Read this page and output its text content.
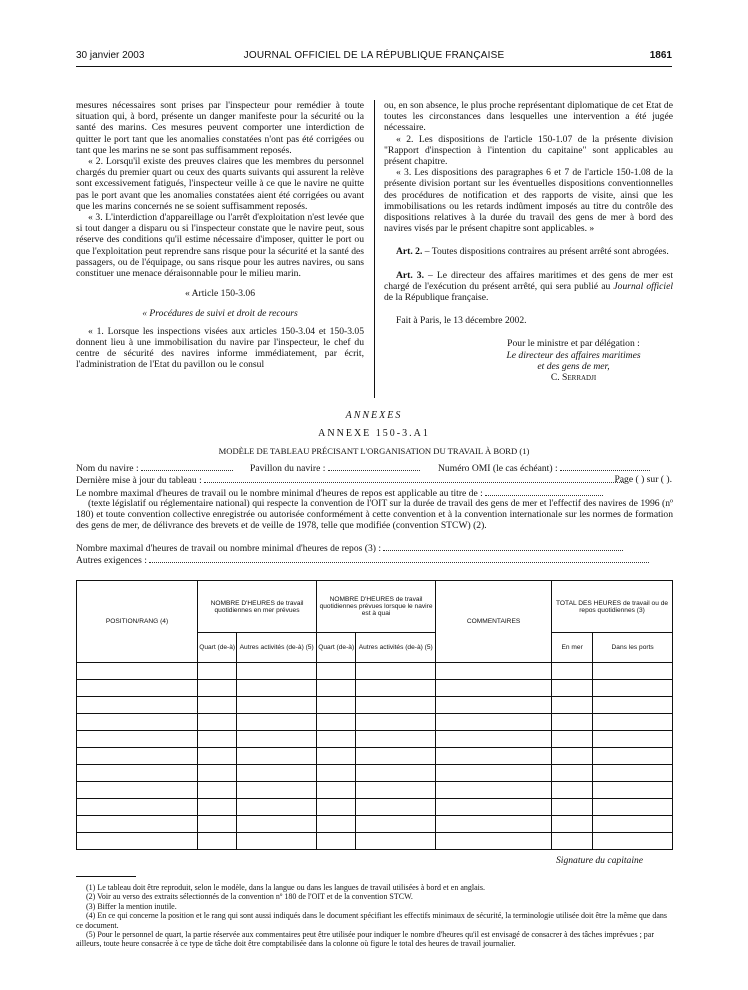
30 janvier 2003	JOURNAL OFFICIEL DE LA RÉPUBLIQUE FRANÇAISE	1861

mesures nécessaires sont prises par l'inspecteur pour remédier à toute situation qui, à bord, présente un danger manifeste pour la sécurité ou la santé des marins. Ces mesures peuvent comporter une interdiction de quitter le port tant que les anomalies constatées n'ont pas été corrigées ou tant que les marins ne se sont pas suffisamment reposés.

« 2. Lorsqu'il existe des preuves claires que les membres du personnel chargés du premier quart ou ceux des quarts suivants qui assurent la relève sont excessivement fatigués, l'inspecteur veille à ce que le navire ne quitte pas le port avant que les anomalies constatées aient été corrigées ou avant que les marins concernés ne se soient suffisamment reposés.

« 3. L'interdiction d'appareillage ou l'arrêt d'exploitation n'est levée que si tout danger a disparu ou si l'inspecteur constate que le navire peut, sous réserve des conditions qu'il estime nécessaire d'imposer, quitter le port ou que l'exploitation peut reprendre sans risque pour la sécurité et la santé des passagers, ou de l'équipage, ou sans risque pour les autres navires, ou sans constituer une menace déraisonnable pour le milieu marin.

« Article 150-3.06

« Procédures de suivi et droit de recours

« 1. Lorsque les inspections visées aux articles 150-3.04 et 150-3.05 donnent lieu à une immobilisation du navire par l'inspecteur, le chef du centre de sécurité des navires informe immédiatement, par écrit, l'administration de l'Etat du pavillon ou le consul

ou, en son absence, le plus proche représentant diplomatique de cet Etat de toutes les circonstances dans lesquelles une intervention a été jugée nécessaire.

« 2. Les dispositions de l'article 150-1.07 de la présente division "Rapport d'inspection à l'intention du capitaine" sont applicables au présent chapitre.

« 3. Les dispositions des paragraphes 6 et 7 de l'article 150-1.08 de la présente division portant sur les éventuelles dispositions conventionnelles des procédures de notification et des rapports de visite, ainsi que les immobilisations ou les retards indûment imposés au titre du contrôle des dispositions relatives à la durée du travail des gens de mer à bord des navires visés par le présent chapitre sont applicables. »

Art. 2. – Toutes dispositions contraires au présent arrêté sont abrogées.

Art. 3. – Le directeur des affaires maritimes et des gens de mer est chargé de l'exécution du présent arrêté, qui sera publié au Journal officiel de la République française.

Fait à Paris, le 13 décembre 2002.

Pour le ministre et par délégation :
Le directeur des affaires maritimes
et des gens de mer,
C. Serradji
ANNEXES
ANNEXE 150-3.A1
MODÈLE DE TABLEAU PRÉCISANT L'ORGANISATION DU TRAVAIL À BORD (1)
Nom du navire :	Pavillon du navire :	Numéro OMI (le cas échéant) :
Dernière mise à jour du tableau :	Page ( ) sur ( ).
Le nombre maximal d'heures de travail ou le nombre minimal d'heures de repos est applicable au titre de :
(texte législatif ou réglementaire national) qui respecte la convention de l'OIT sur la durée de travail des gens de mer et l'effectif des navires de 1996 (nº 180) et toute convention collective enregistrée ou autorisée conformément à cette convention et à la convention internationale sur les normes de formation des gens de mer, de délivrance des brevets et de veille de 1978, telle que modifiée (convention STCW) (2).
Nombre maximal d'heures de travail ou nombre minimal d'heures de repos (3) :
Autres exigences :
POSITION/RANG (4)	NOMBRE D'HEURES de travail quotidiennes en mer prévues		NOMBRE D'HEURES de travail quotidiennes prévues lorsque le navire est à quai		COMMENTAIRES	TOTAL DES HEURES de travail ou de repos quotidiennes (3)	
	Quart (de-à)	Autres activités (de-à) (5)	Quart (de-à)	Autres activités (de-à) (5)		En mer	Dans les ports

Signature du capitaine

(1) Le tableau doit être reproduit, selon le modèle, dans la langue ou dans les langues de travail utilisées à bord et en anglais.

(2) Voir au verso des extraits sélectionnés de la convention nº 180 de l'OIT et de la convention STCW.

(3) Biffer la mention inutile.

(4) En ce qui concerne la position et le rang qui sont aussi indiqués dans le document spécifiant les effectifs minimaux de sécurité, la terminologie utilisée doit être la même que dans ce document.

(5) Pour le personnel de quart, la partie réservée aux commentaires peut être utilisée pour indiquer le nombre d'heures qu'il est envisagé de consacrer à des tâches imprévues ; par ailleurs, toute heure consacrée à ce type de tâche doit être comptabilisée dans la colonne où figure le total des heures de travail journalier.
